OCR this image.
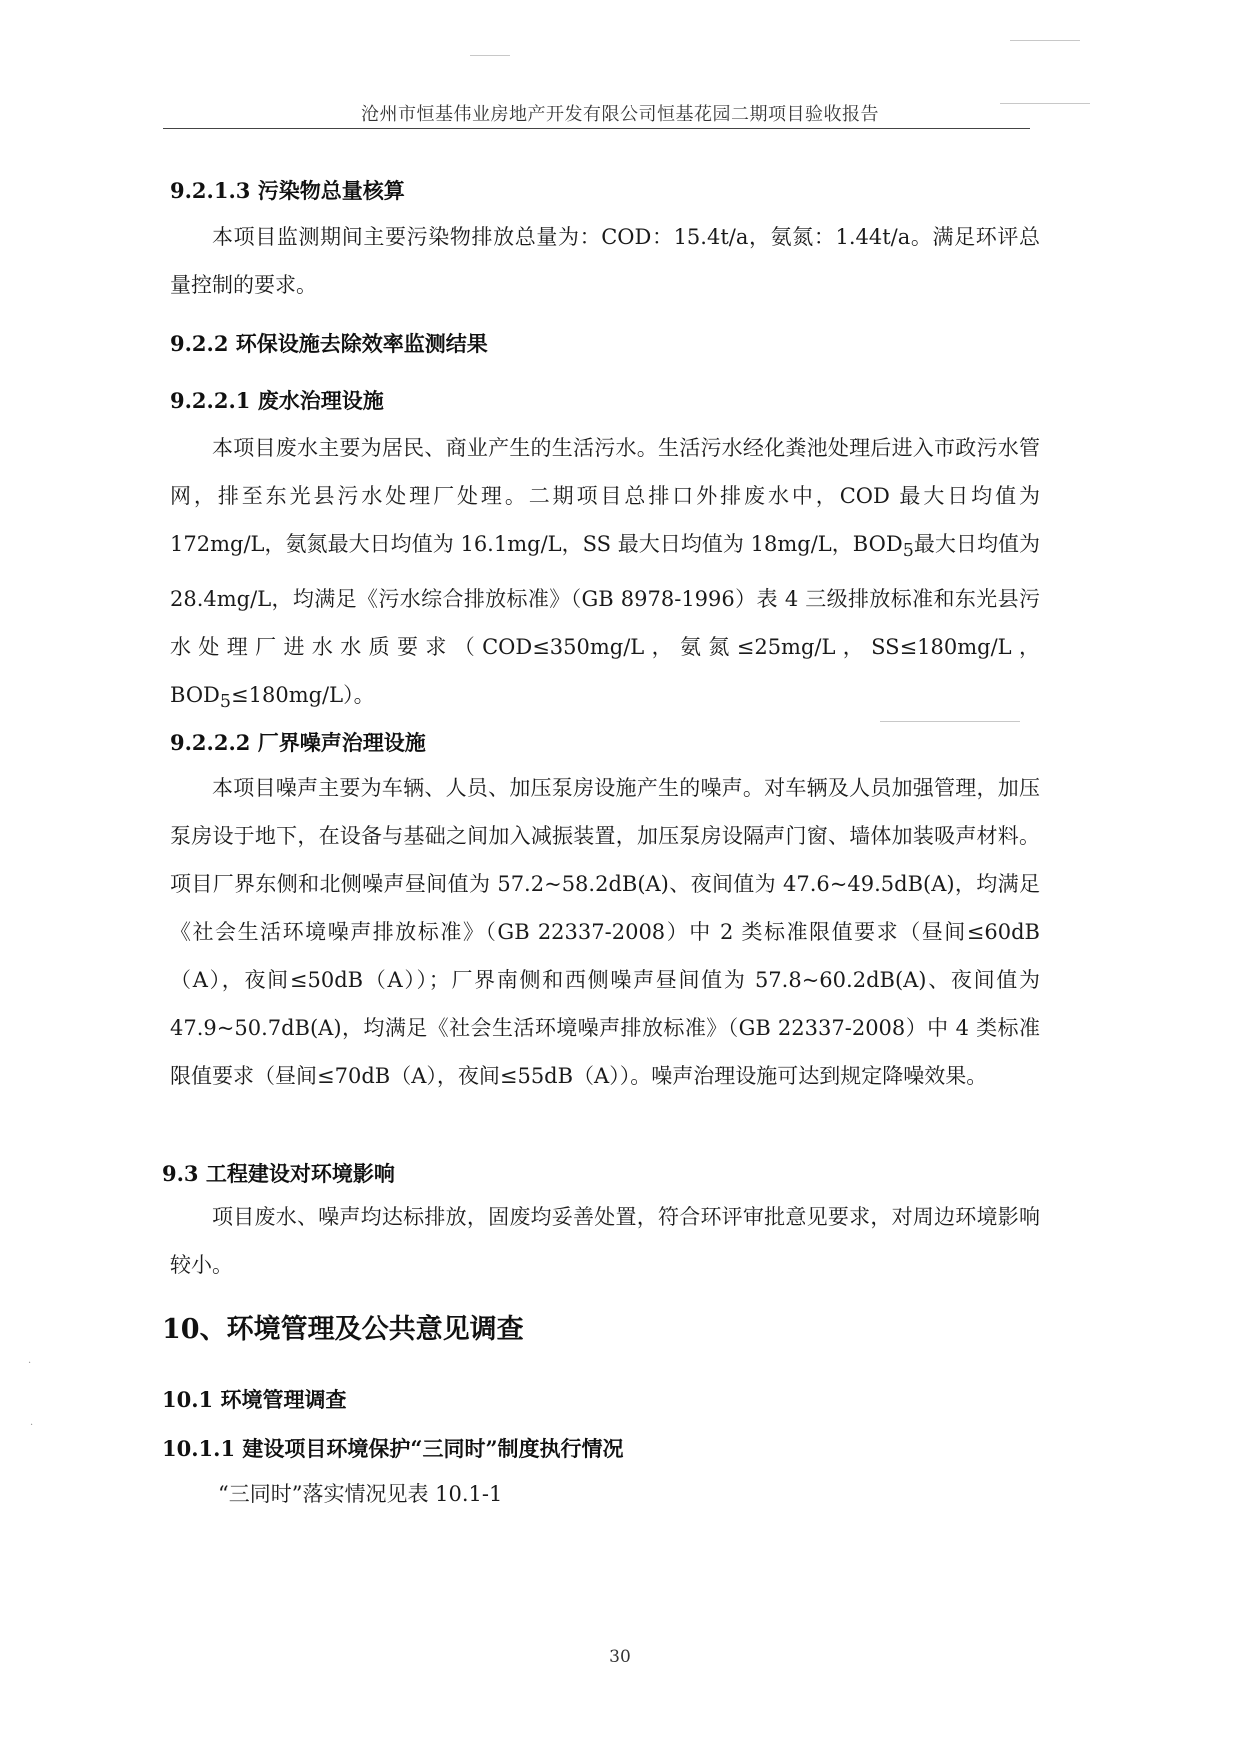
·
·
沧州市恒基伟业房地产开发有限公司恒基花园二期项目验收报告
9.2.1.3 污染物总量核算
本项目监测期间主要污染物排放总量为：COD：15.4t/a，氨氮：1.44t/a。满足环评总量控制的要求。
9.2.2 环保设施去除效率监测结果
9.2.2.1 废水治理设施
本项目废水主要为居民、商业产生的生活污水。生活污水经化粪池处理后进入市政污水管网，排至东光县污水处理厂处理。二期项目总排口外排废水中，COD 最大日均值为 172mg/L，氨氮最大日均值为 16.1mg/L，SS 最大日均值为 18mg/L，$BOD_5$最大日均值为 28.4mg/L，均满足《污水综合排放标准》（GB 8978-1996）表 4 三级排放标准和东光县污水处理厂进水水质要求（COD≤350mg/L，氨氮≤25mg/L，SS≤180mg/L，$BOD_5\le 180mg/L$）。
9.2.2.2 厂界噪声治理设施
本项目噪声主要为车辆、人员、加压泵房设施产生的噪声。对车辆及人员加强管理，加压泵房设于地下，在设备与基础之间加入减振装置，加压泵房设隔声门窗、墙体加装吸声材料。项目厂界东侧和北侧噪声昼间值为 57.2~58.2dB(A)、夜间值为 47.6~49.5dB(A)，均满足《社会生活环境噪声排放标准》（GB 22337-2008）中 2 类标准限值要求（昼间≤60dB（A），夜间≤50dB（A））；厂界南侧和西侧噪声昼间值为 57.8~60.2dB(A)、夜间值为 47.9~50.7dB(A)，均满足《社会生活环境噪声排放标准》（GB 22337-2008）中 4 类标准限值要求（昼间≤70dB（A），夜间≤55dB（A））。噪声治理设施可达到规定降噪效果。
9.3 工程建设对环境影响
项目废水、噪声均达标排放，固废均妥善处置，符合环评审批意见要求，对周边环境影响较小。
10、环境管理及公共意见调查
10.1 环境管理调查
10.1.1 建设项目环境保护“三同时”制度执行情况
“三同时”落实情况见表 10.1-1
30
